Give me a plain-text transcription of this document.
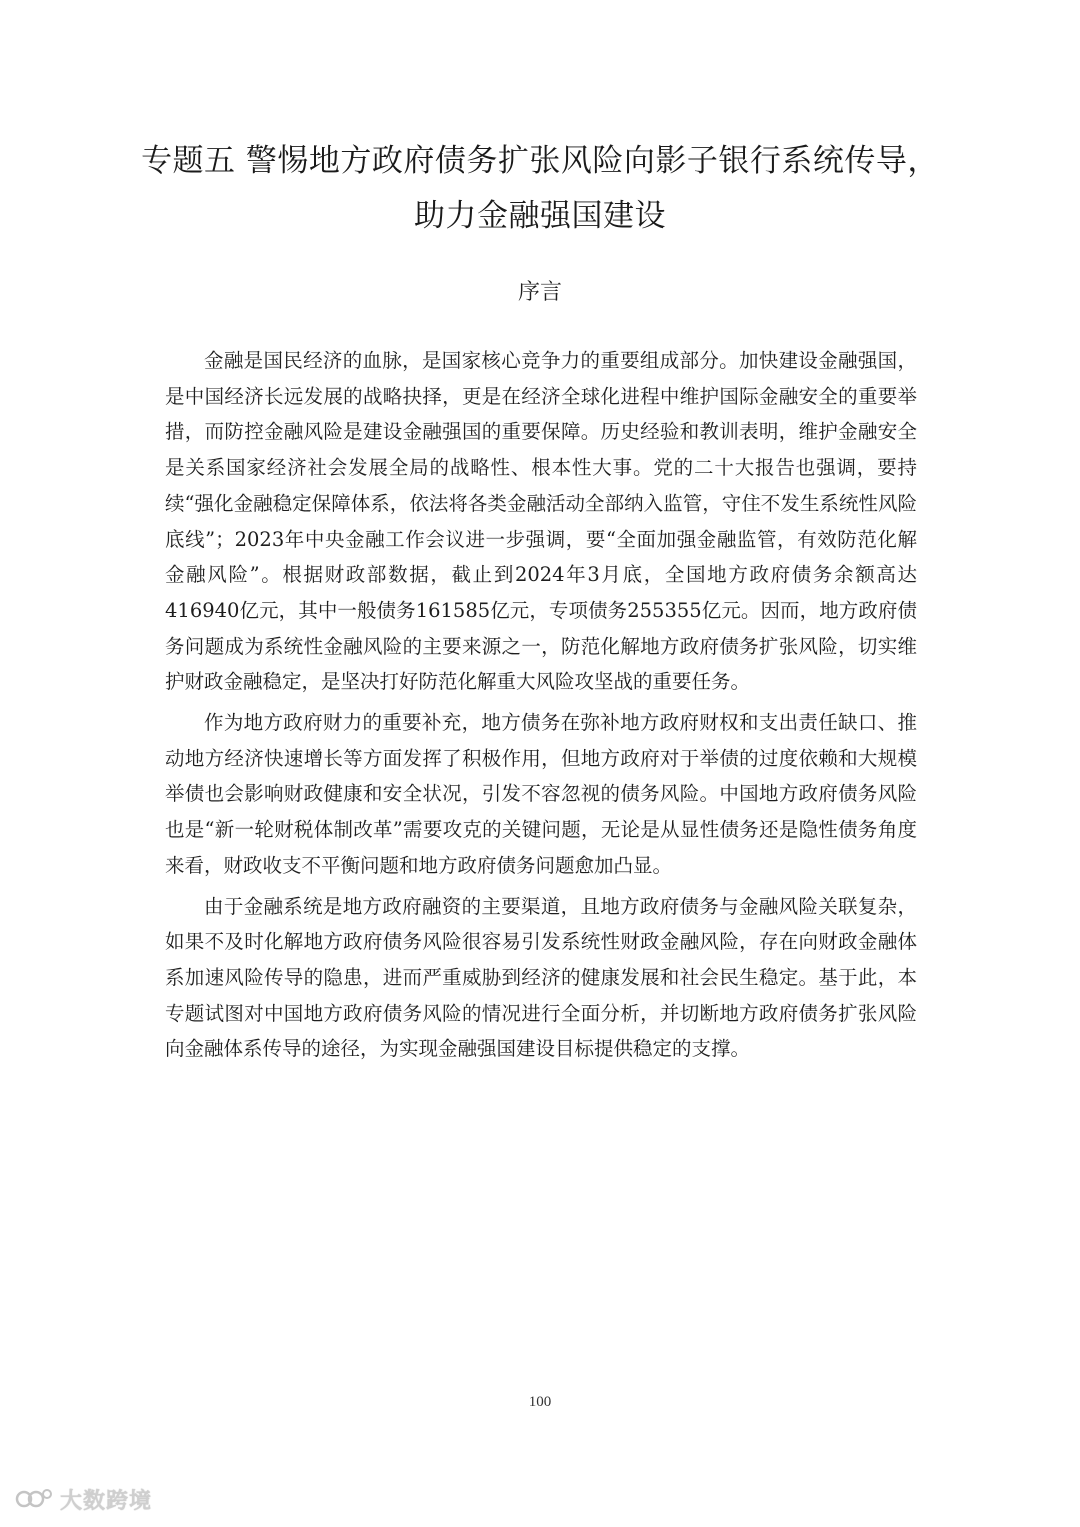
专题五 警惕地方政府债务扩张风险向影子银行系统传导，
助力金融强国建设
序言

金融是国民经济的血脉，是国家核心竞争力的重要组成部分。加快建设金融强国，是中国经济长远发展的战略抉择，更是在经济全球化进程中维护国际金融安全的重要举措，而防控金融风险是建设金融强国的重要保障。历史经验和教训表明，维护金融安全是关系国家经济社会发展全局的战略性、根本性大事。党的二十大报告也强调，要持续“强化金融稳定保障体系，依法将各类金融活动全部纳入监管，守住不发生系统性风险底线”；2023年中央金融工作会议进一步强调，要“全面加强金融监管，有效防范化解金融风险”。根据财政部数据，截止到2024年3月底，全国地方政府债务余额高达416940亿元，其中一般债务161585亿元，专项债务255355亿元。因而，地方政府债务问题成为系统性金融风险的主要来源之一，防范化解地方政府债务扩张风险，切实维护财政金融稳定，是坚决打好防范化解重大风险攻坚战的重要任务。

作为地方政府财力的重要补充，地方债务在弥补地方政府财权和支出责任缺口、推动地方经济快速增长等方面发挥了积极作用，但地方政府对于举债的过度依赖和大规模举债也会影响财政健康和安全状况，引发不容忽视的债务风险。中国地方政府债务风险也是“新一轮财税体制改革”需要攻克的关键问题，无论是从显性债务还是隐性债务角度来看，财政收支不平衡问题和地方政府债务问题愈加凸显。

由于金融系统是地方政府融资的主要渠道，且地方政府债务与金融风险关联复杂，如果不及时化解地方政府债务风险很容易引发系统性财政金融风险，存在向财政金融体系加速风险传导的隐患，进而严重威胁到经济的健康发展和社会民生稳定。基于此，本专题试图对中国地方政府债务风险的情况进行全面分析，并切断地方政府债务扩张风险向金融体系传导的途径，为实现金融强国建设目标提供稳定的支撑。

100
大数跨境
